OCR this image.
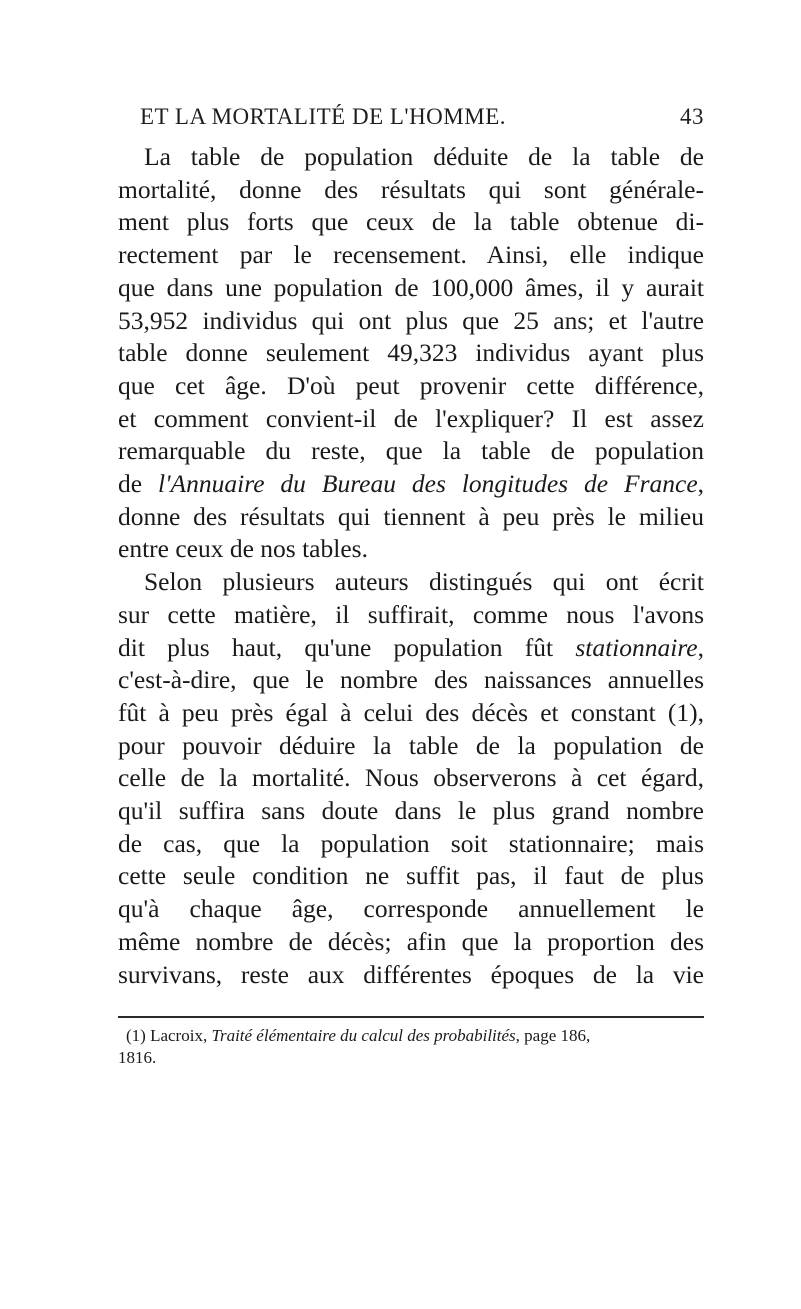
ET LA MORTALITÉ DE L'HOMME.	43
La table de population déduite de la table de
mortalité, donne des résultats qui sont générale-
ment plus forts que ceux de la table obtenue di-
rectement par le recensement. Ainsi, elle indique
que dans une population de 100,000 âmes, il y aurait
53,952 individus qui ont plus que 25 ans; et l'autre
table donne seulement 49,323 individus ayant plus
que cet âge. D'où peut provenir cette différence,
et comment convient-il de l'expliquer? Il est assez
remarquable du reste, que la table de population
de l'Annuaire du Bureau des longitudes de France,
donne des résultats qui tiennent à peu près le milieu
entre ceux de nos tables.
Selon plusieurs auteurs distingués qui ont écrit
sur cette matière, il suffirait, comme nous l'avons
dit plus haut, qu'une population fût stationnaire,
c'est-à-dire, que le nombre des naissances annuelles
fût à peu près égal à celui des décès et constant (1),
pour pouvoir déduire la table de la population de
celle de la mortalité. Nous observerons à cet égard,
qu'il suffira sans doute dans le plus grand nombre
de cas, que la population soit stationnaire; mais
cette seule condition ne suffit pas, il faut de plus
qu'à chaque âge, corresponde annuellement le
même nombre de décès; afin que la proportion des
survivans, reste aux différentes époques de la vie
(1) Lacroix, Traité élémentaire du calcul des probabilités, page 186,
1816.
